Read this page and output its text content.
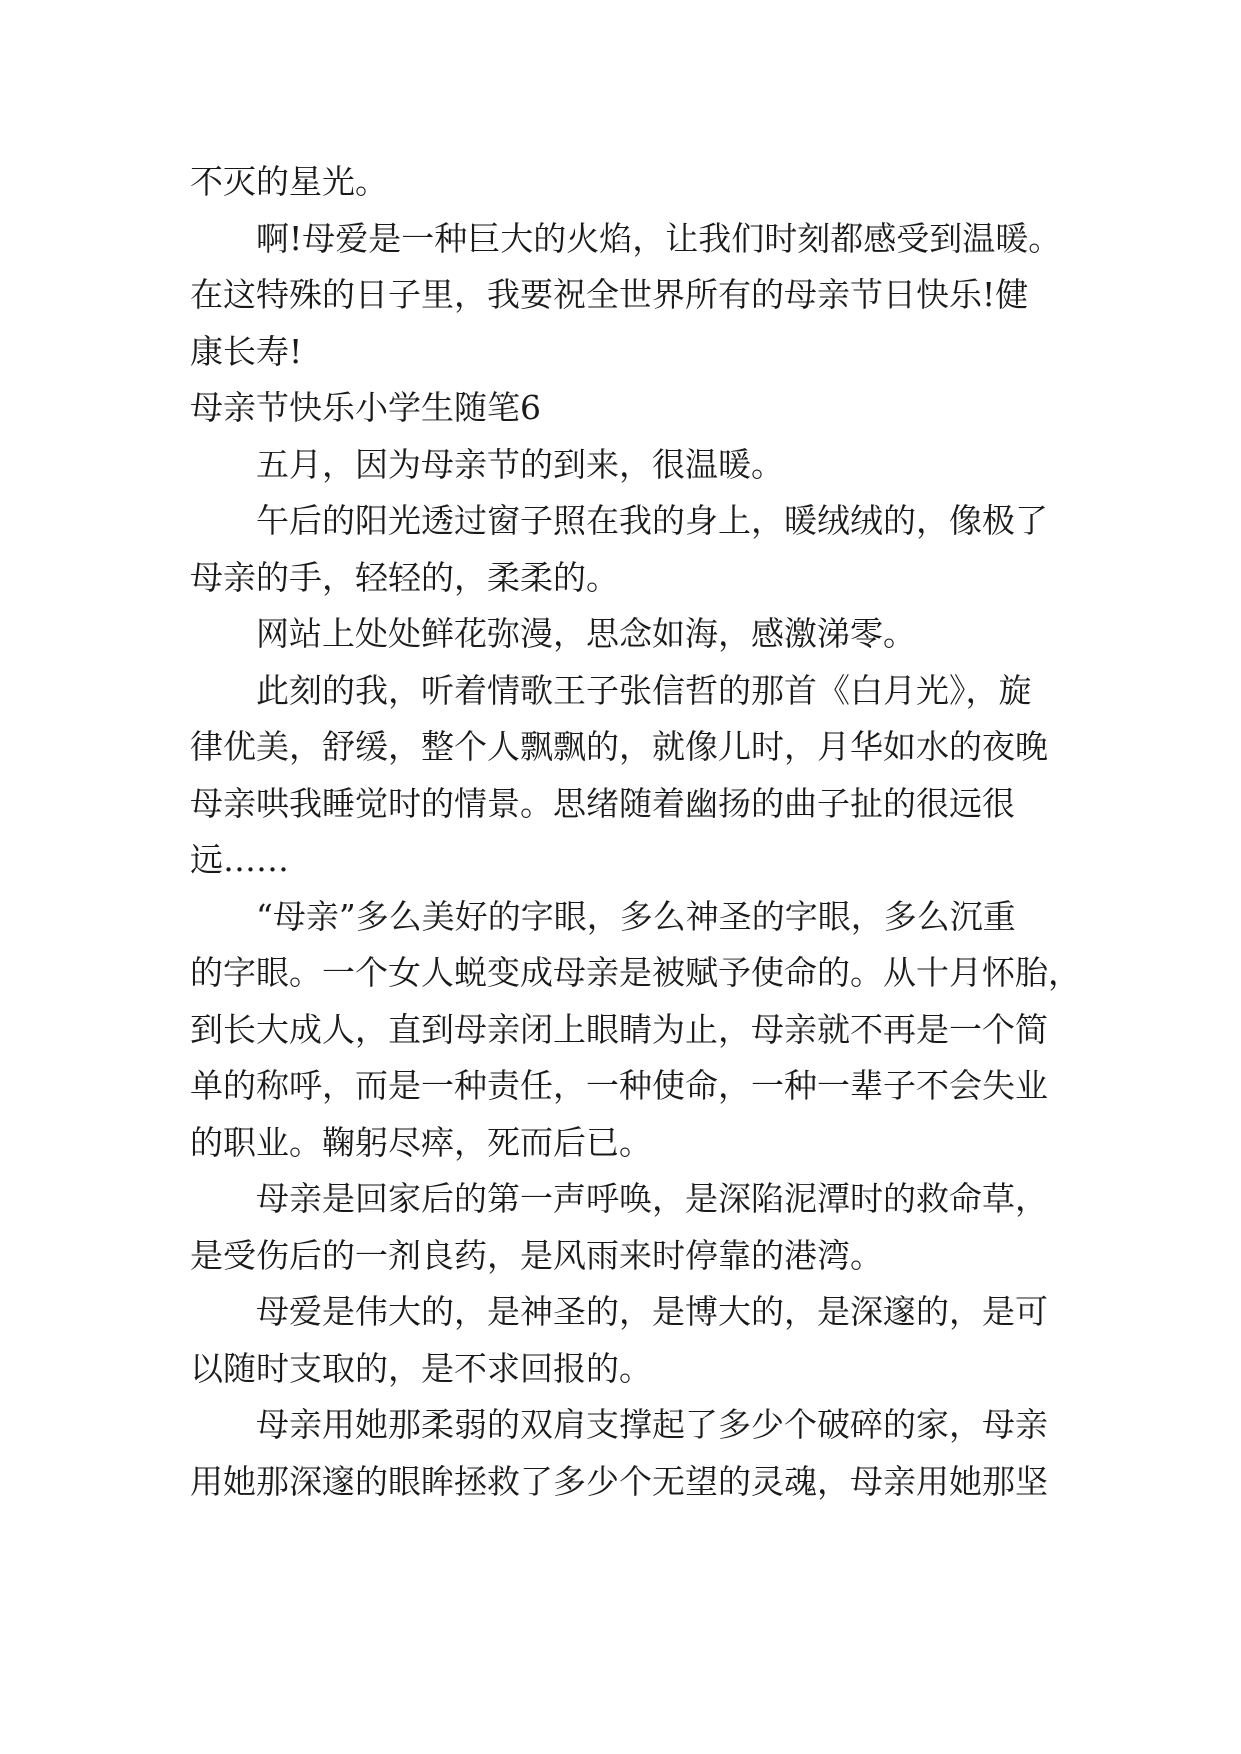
不灭的星光。
啊!母爱是一种巨大的火焰，让我们时刻都感受到温暖。
在这特殊的日子里，我要祝全世界所有的母亲节日快乐!健
康长寿!
母亲节快乐小学生随笔6
五月，因为母亲节的到来，很温暖。
午后的阳光透过窗子照在我的身上，暖绒绒的，像极了
母亲的手，轻轻的，柔柔的。
网站上处处鲜花弥漫，思念如海，感激涕零。
此刻的我，听着情歌王子张信哲的那首《白月光》，旋
律优美，舒缓，整个人飘飘的，就像儿时，月华如水的夜晚
母亲哄我睡觉时的情景。思绪随着幽扬的曲子扯的很远很
远……
“母亲”多么美好的字眼，多么神圣的字眼，多么沉重
的字眼。一个女人蜕变成母亲是被赋予使命的。从十月怀胎，
到长大成人，直到母亲闭上眼睛为止，母亲就不再是一个简
单的称呼，而是一种责任，一种使命，一种一辈子不会失业
的职业。鞠躬尽瘁，死而后已。
母亲是回家后的第一声呼唤，是深陷泥潭时的救命草，
是受伤后的一剂良药，是风雨来时停靠的港湾。
母爱是伟大的，是神圣的，是博大的，是深邃的，是可
以随时支取的，是不求回报的。
母亲用她那柔弱的双肩支撑起了多少个破碎的家，母亲
用她那深邃的眼眸拯救了多少个无望的灵魂，母亲用她那坚
